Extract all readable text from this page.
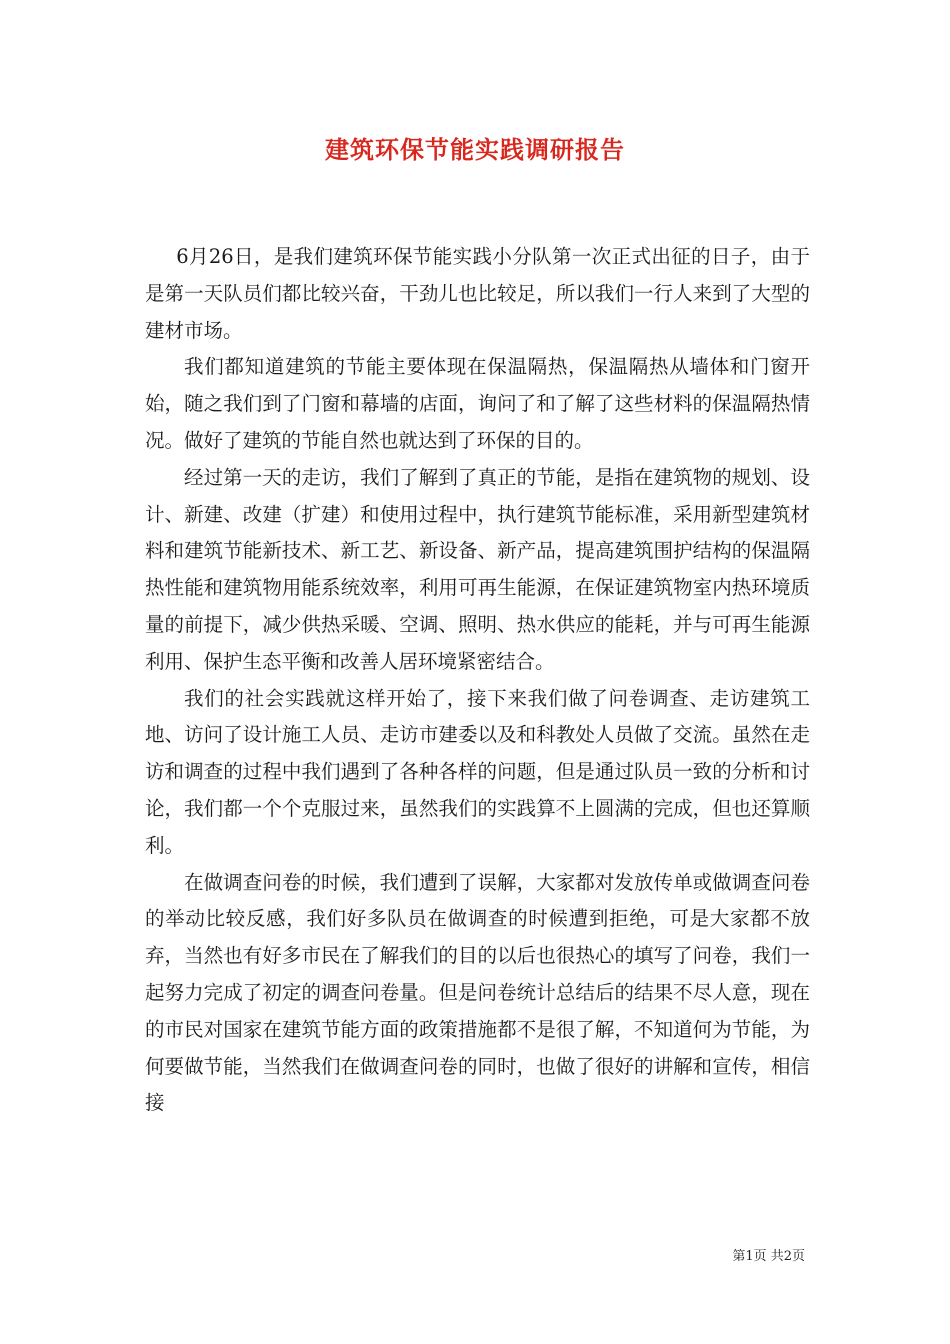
建筑环保节能实践调研报告

6月26日，是我们建筑环保节能实践小分队第一次正式出征的日子，由于是第一天队员们都比较兴奋，干劲儿也比较足，所以我们一行人来到了大型的建材市场。

我们都知道建筑的节能主要体现在保温隔热，保温隔热从墙体和门窗开始，随之我们到了门窗和幕墙的店面，询问了和了解了这些材料的保温隔热情况。做好了建筑的节能自然也就达到了环保的目的。

经过第一天的走访，我们了解到了真正的节能，是指在建筑物的规划、设计、新建、改建（扩建）和使用过程中，执行建筑节能标准，采用新型建筑材料和建筑节能新技术、新工艺、新设备、新产品，提高建筑围护结构的保温隔热性能和建筑物用能系统效率，利用可再生能源，在保证建筑物室内热环境质量的前提下，减少供热采暖、空调、照明、热水供应的能耗，并与可再生能源利用、保护生态平衡和改善人居环境紧密结合。

我们的社会实践就这样开始了，接下来我们做了问卷调查、走访建筑工地、访问了设计施工人员、走访市建委以及和科教处人员做了交流。虽然在走访和调查的过程中我们遇到了各种各样的问题，但是通过队员一致的分析和讨论，我们都一个个克服过来，虽然我们的实践算不上圆满的完成，但也还算顺利。

在做调查问卷的时候，我们遭到了误解，大家都对发放传单或做调查问卷的举动比较反感，我们好多队员在做调查的时候遭到拒绝，可是大家都不放弃，当然也有好多市民在了解我们的目的以后也很热心的填写了问卷，我们一起努力完成了初定的调查问卷量。但是问卷统计总结后的结果不尽人意，现在的市民对国家在建筑节能方面的政策措施都不是很了解，不知道何为节能，为何要做节能，当然我们在做调查问卷的同时，也做了很好的讲解和宣传，相信接

第1页 共2页
